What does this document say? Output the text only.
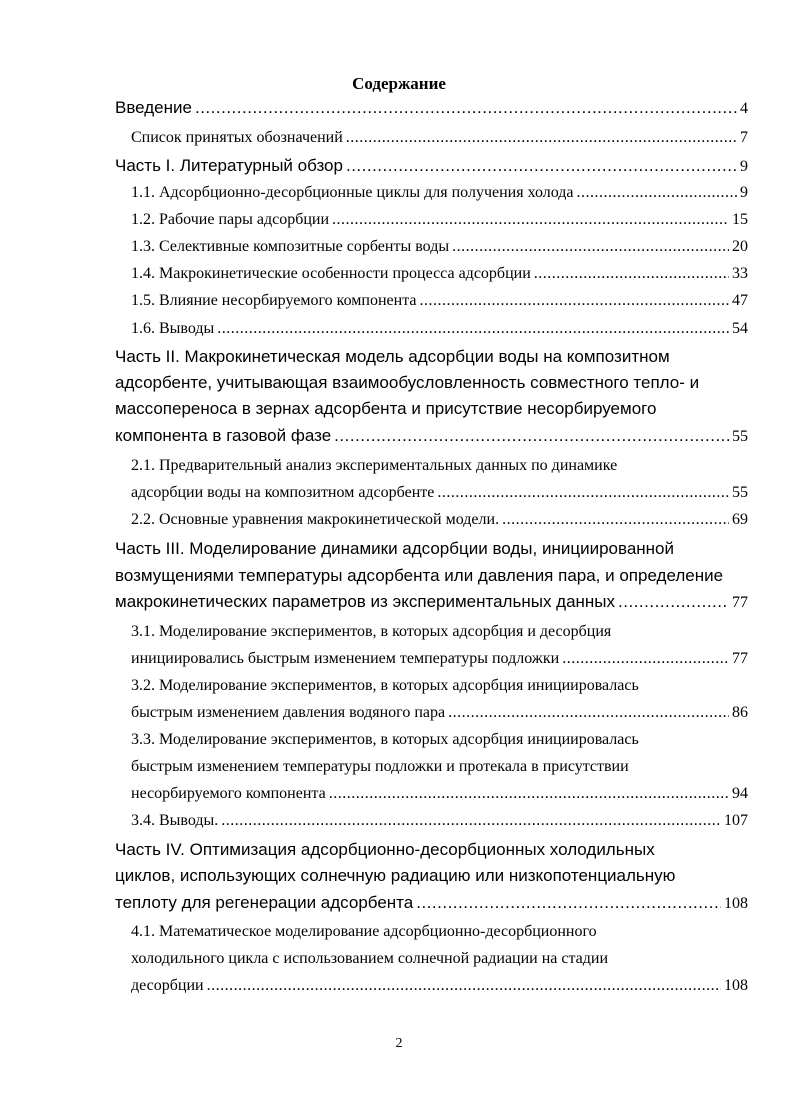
Содержание
Введение .....	4
Список принятых обозначений .....	7
Часть I. Литературный обзор .....	9
1.1. Адсорбционно-десорбционные циклы для получения холода .....	9
1.2. Рабочие пары адсорбции .....	15
1.3. Селективные композитные сорбенты воды .....	20
1.4. Макрокинетические особенности процесса адсорбции .....	33
1.5. Влияние несорбируемого компонента .....	47
1.6. Выводы .....	54
Часть II. Макрокинетическая модель адсорбции воды на композитном
адсорбенте, учитывающая взаимообусловленность совместного тепло- и
массопереноса в зернах адсорбента и присутствие несорбируемого
компонента в газовой фазе .....	55
2.1. Предварительный анализ экспериментальных данных по динамике
адсорбции воды на композитном адсорбенте .....	55
2.2. Основные уравнения макрокинетической модели. .....	69
Часть III. Моделирование динамики адсорбции воды, инициированной
возмущениями температуры адсорбента или давления пара, и определение
макрокинетических параметров из экспериментальных данных .....	77
3.1. Моделирование экспериментов, в которых адсорбция и десорбция
инициировались быстрым изменением температуры подложки .....	77
3.2. Моделирование экспериментов, в которых адсорбция инициировалась
быстрым изменением давления водяного пара .....	86
3.3. Моделирование экспериментов, в которых адсорбция инициировалась
быстрым изменением температуры подложки и протекала в присутствии
несорбируемого компонента .....	94
3.4. Выводы. .....	107
Часть IV. Оптимизация адсорбционно-десорбционных холодильных
циклов, использующих солнечную радиацию или низкопотенциальную
теплоту для регенерации адсорбента .....	108
4.1. Математическое моделирование адсорбционно-десорбционного
холодильного цикла с использованием солнечной радиации на стадии
десорбции .....	108
2
